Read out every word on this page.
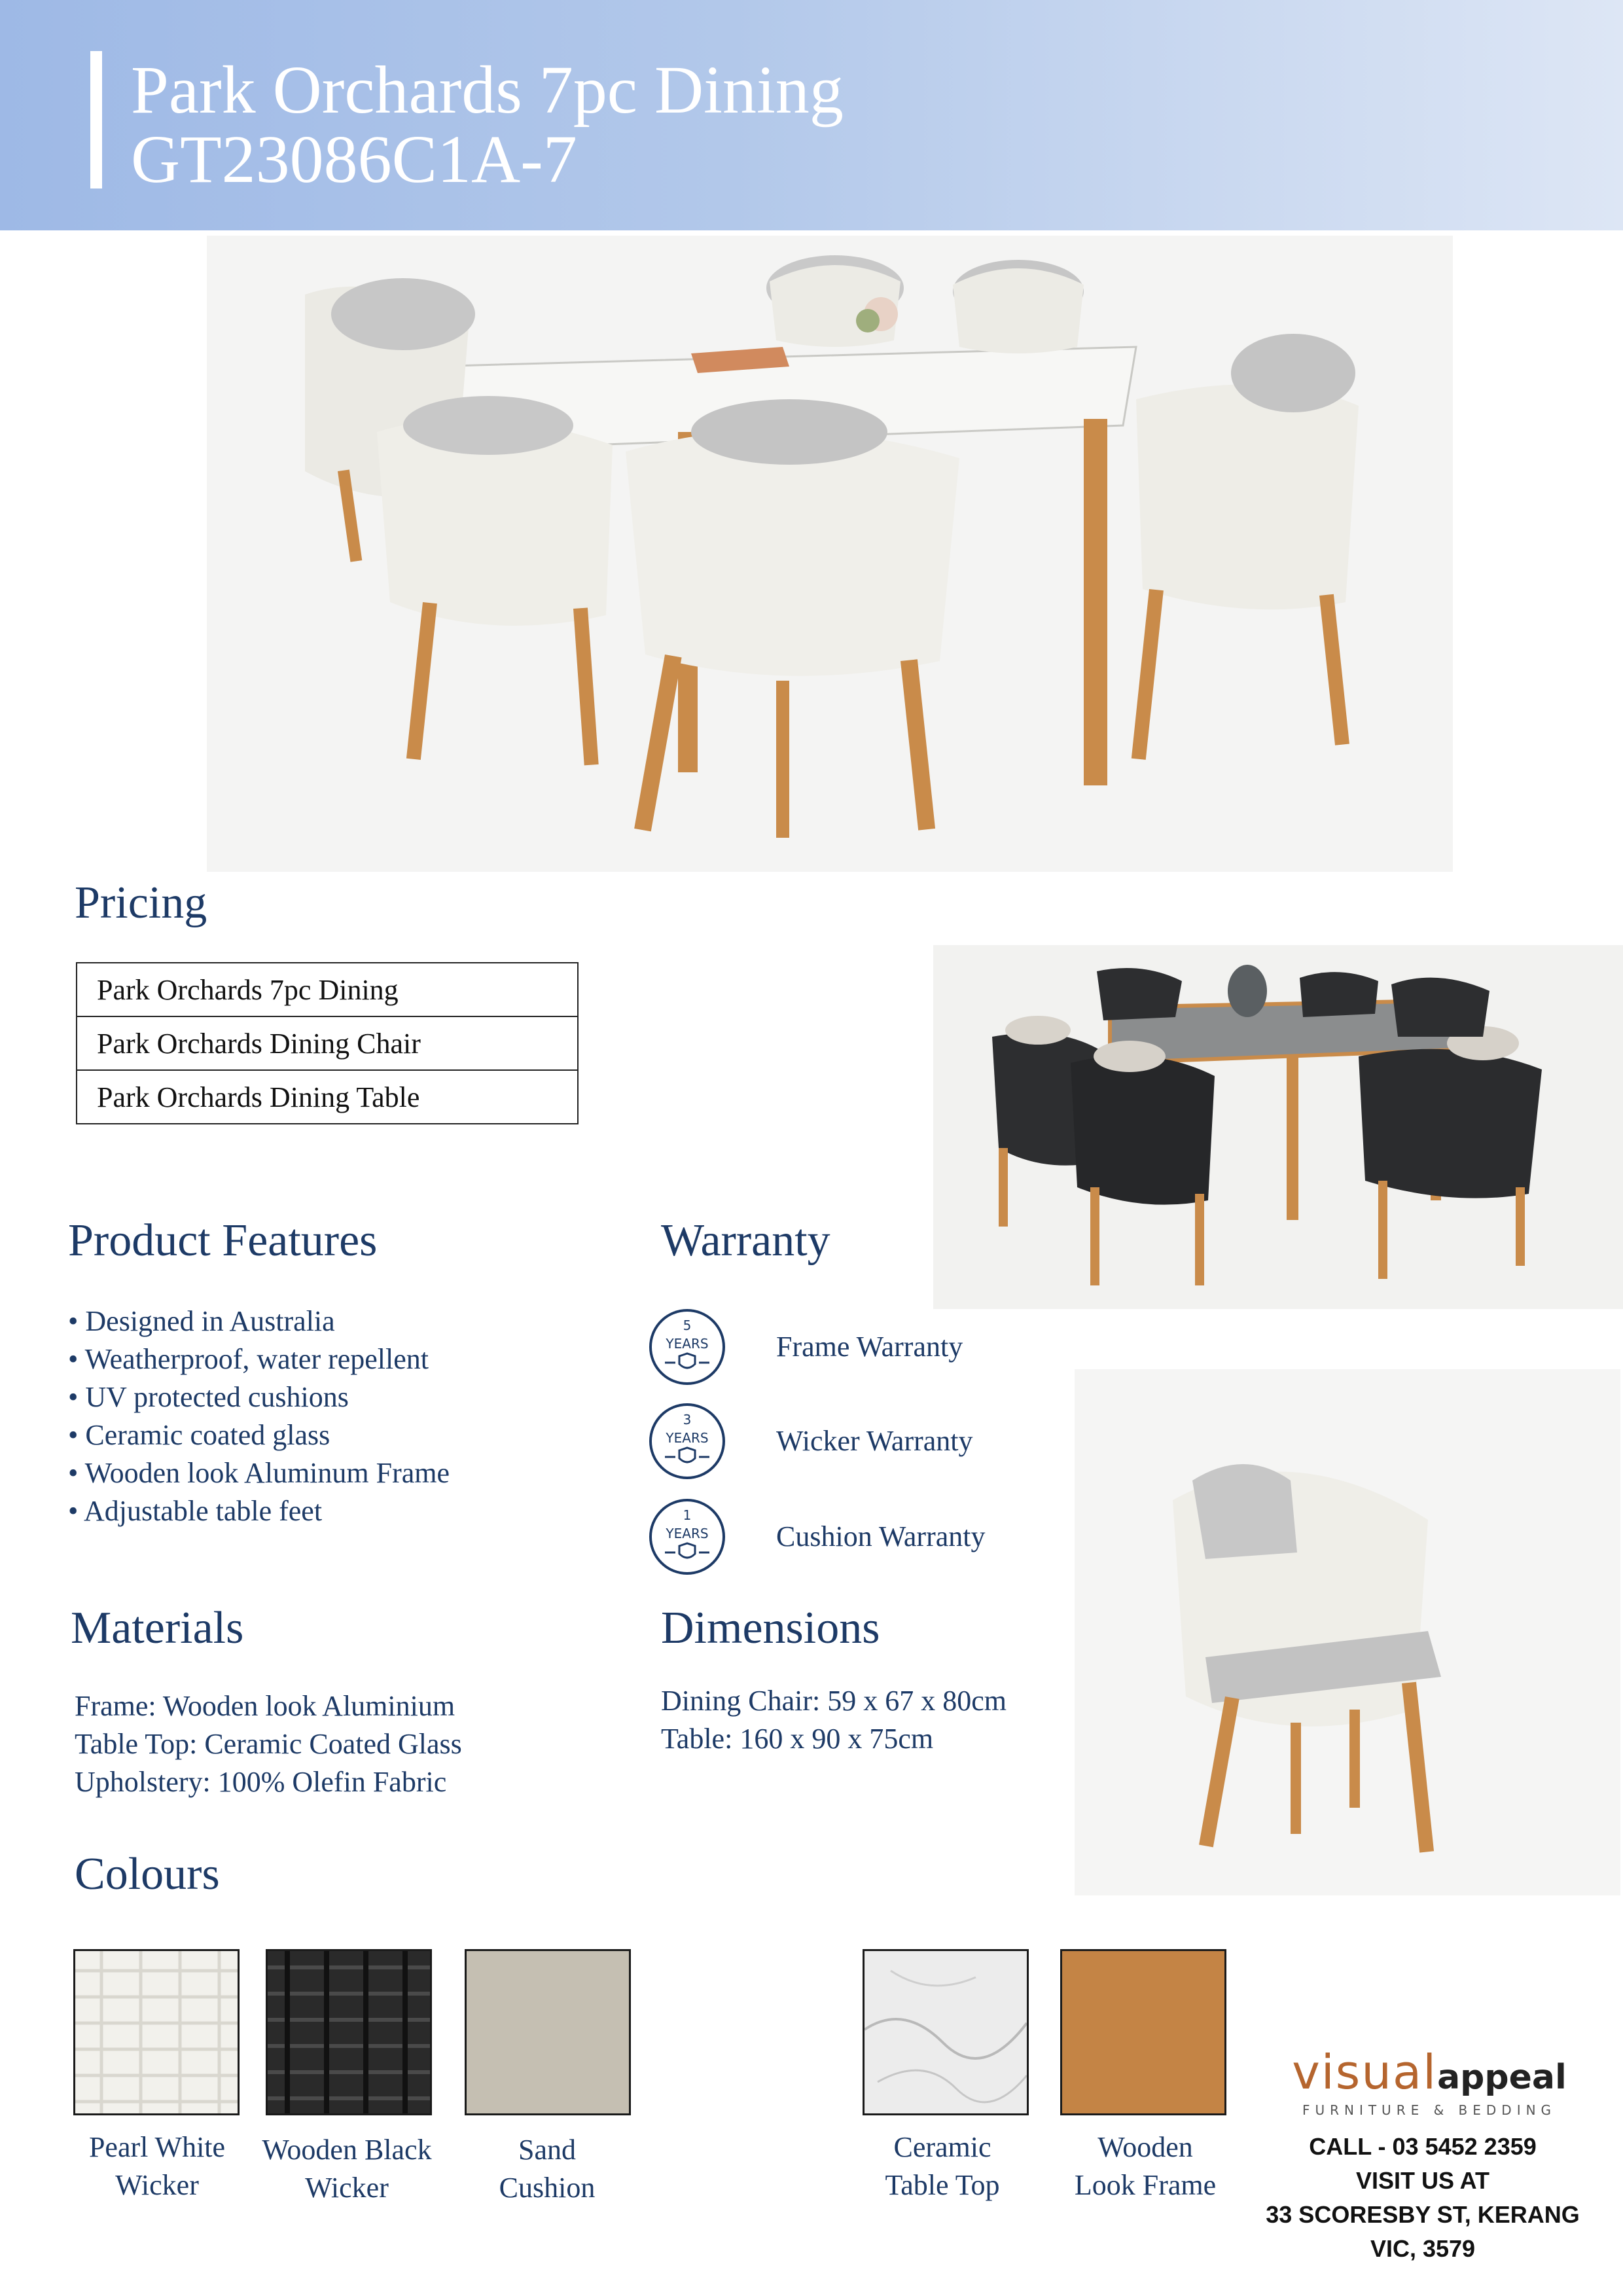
Park Orchards 7pc Dining
GT23086C1A-7
Pricing
Park Orchards 7pc Dining
Park Orchards Dining Chair
Park Orchards Dining Table
Product Features
• Designed in Australia
• Weatherproof, water repellent
• UV protected cushions
• Ceramic coated glass
• Wooden look Aluminum Frame
• Adjustable table feet
Warranty
5
YEARS Frame Warranty
3
YEARS Wicker Warranty
1
YEARS Cushion Warranty
Materials
Frame: Wooden look Aluminium
Table Top: Ceramic Coated Glass
Upholstery: 100% Olefin Fabric
Dimensions
Dining Chair: 59 x 67 x 80cm
Table: 160 x 90 x 75cm
Colours
Pearl White
Wicker
Wooden Black
Wicker
Sand
Cushion
Ceramic
Table Top
Wooden
Look Frame
visualappeal
FURNITURE & BEDDING
CALL - 03 5452 2359
VISIT US AT
33 SCORESBY ST, KERANG
VIC, 3579
